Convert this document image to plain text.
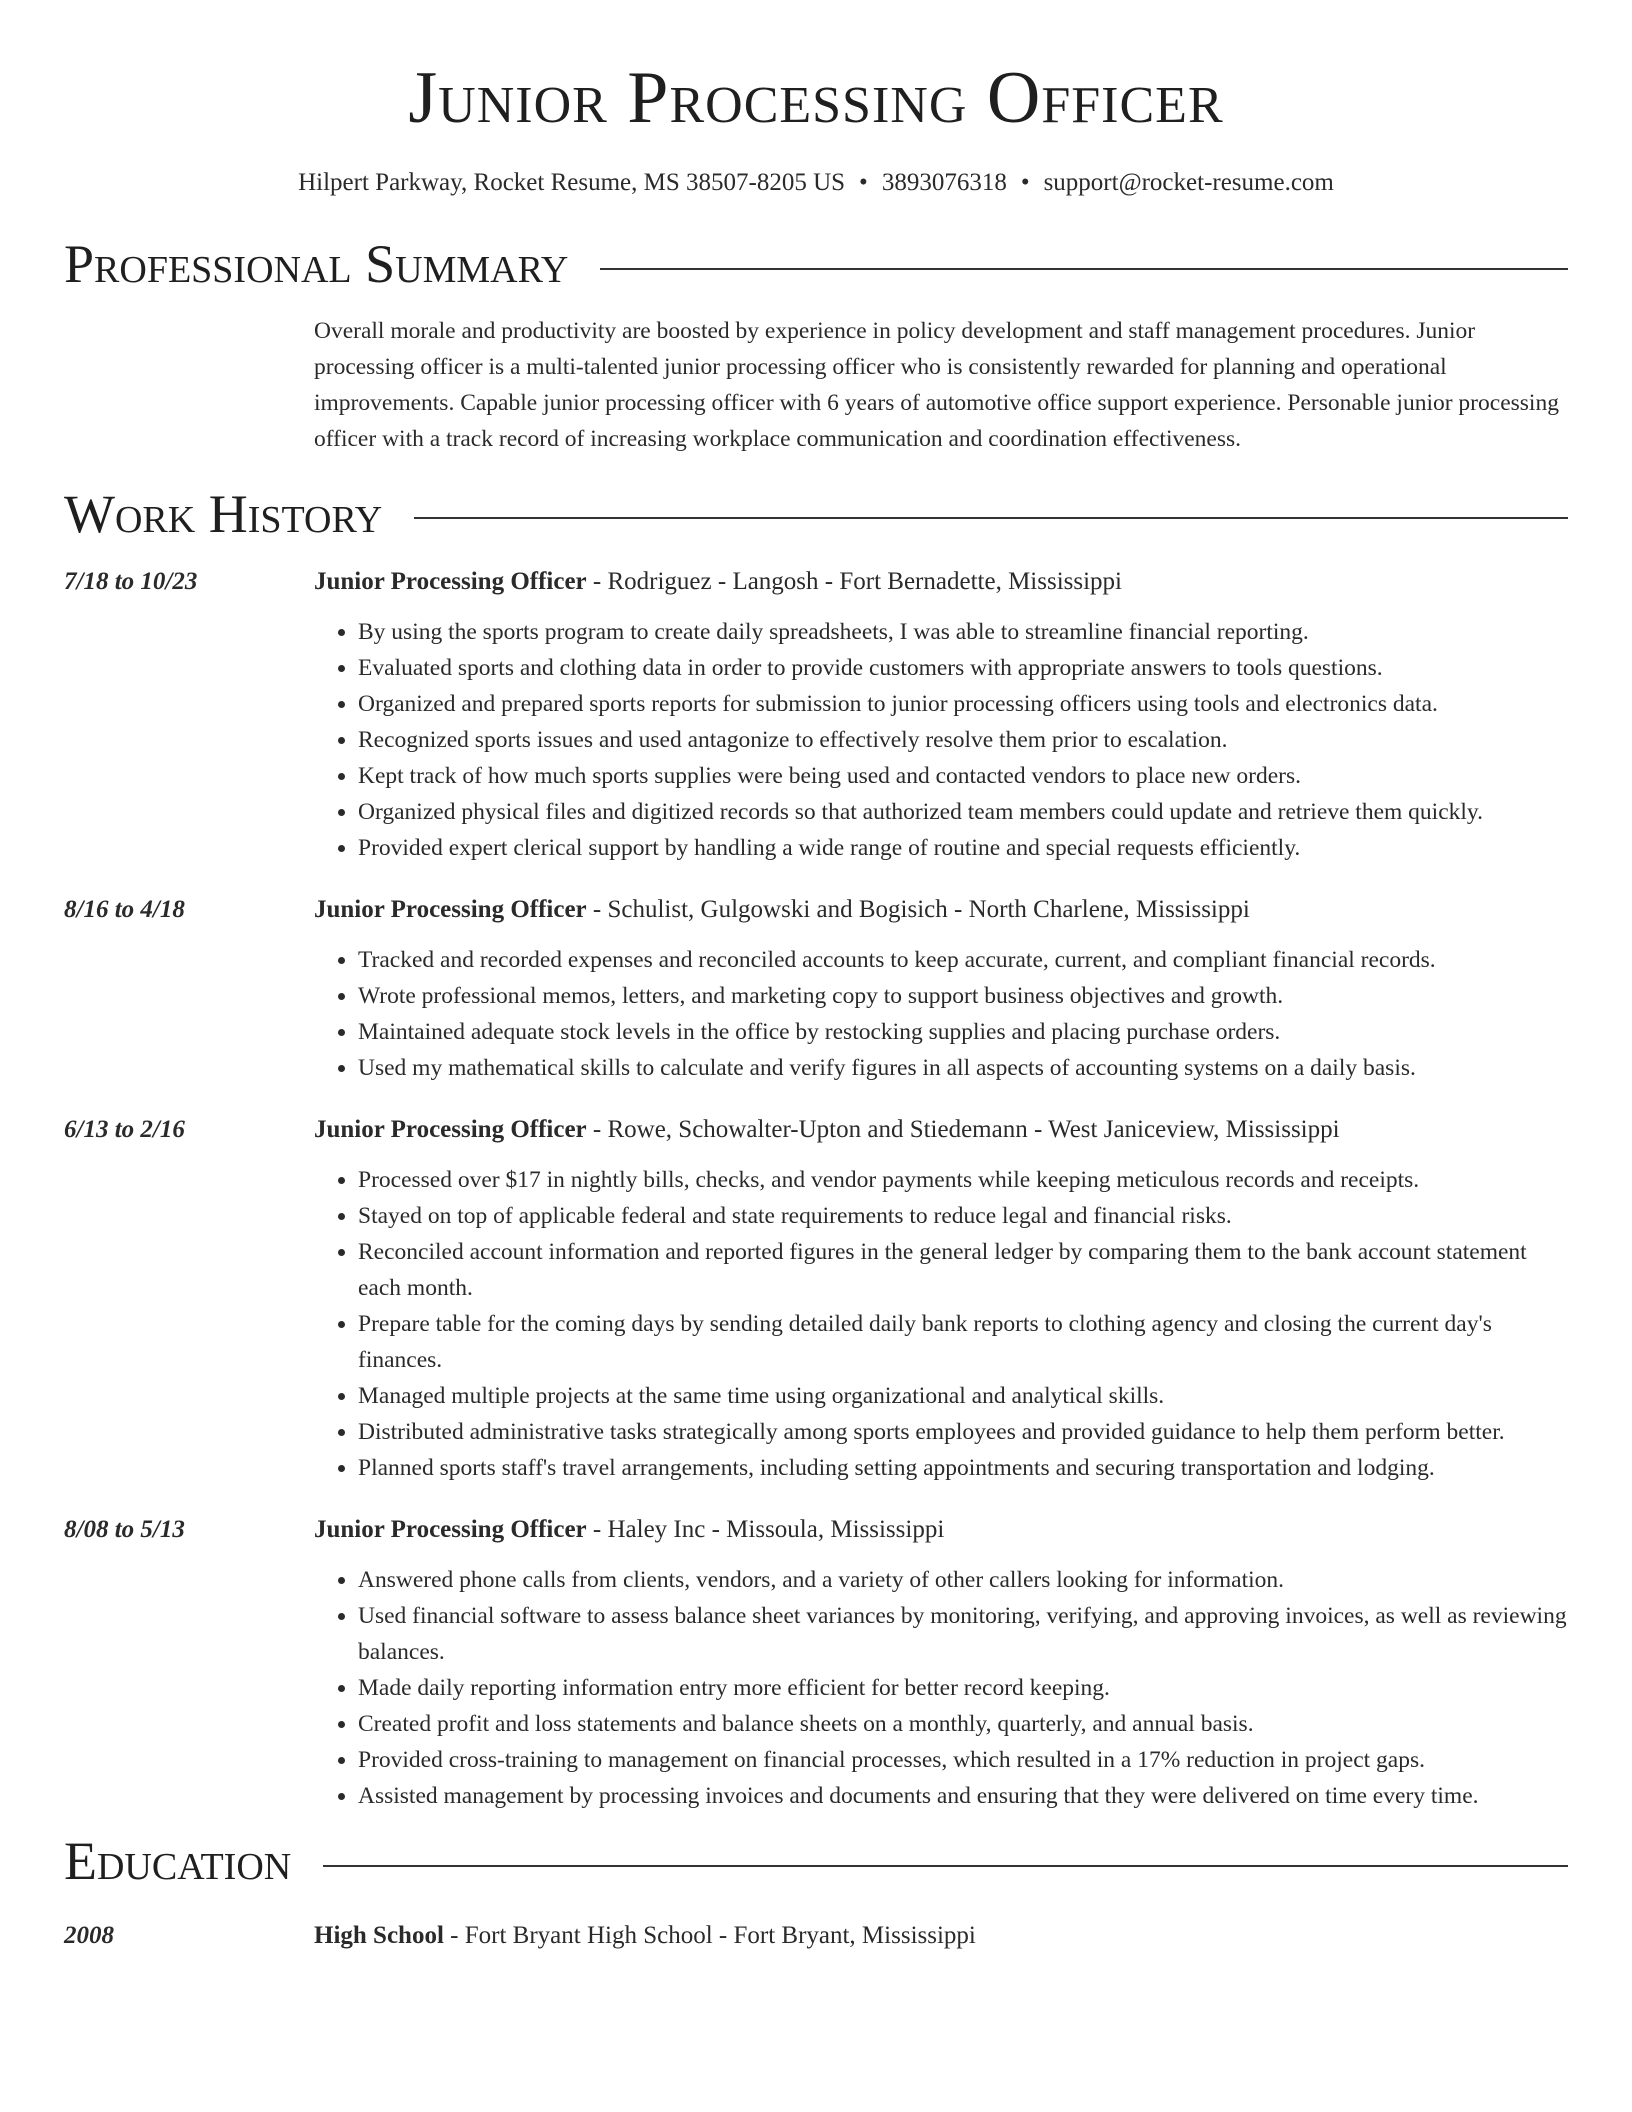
Junior Processing Officer
Hilpert Parkway, Rocket Resume, MS 38507-8205 US • 3893076318 • support@rocket-resume.com
Professional Summary
Overall morale and productivity are boosted by experience in policy development and staff management procedures. Junior processing officer is a multi-talented junior processing officer who is consistently rewarded for planning and operational improvements. Capable junior processing officer with 6 years of automotive office support experience. Personable junior processing officer with a track record of increasing workplace communication and coordination effectiveness.
Work History
7/18 to 10/23	Junior Processing Officer - Rodriguez - Langosh - Fort Bernadette, Mississippi
• By using the sports program to create daily spreadsheets, I was able to streamline financial reporting.
• Evaluated sports and clothing data in order to provide customers with appropriate answers to tools questions.
• Organized and prepared sports reports for submission to junior processing officers using tools and electronics data.
• Recognized sports issues and used antagonize to effectively resolve them prior to escalation.
• Kept track of how much sports supplies were being used and contacted vendors to place new orders.
• Organized physical files and digitized records so that authorized team members could update and retrieve them quickly.
• Provided expert clerical support by handling a wide range of routine and special requests efficiently.
8/16 to 4/18	Junior Processing Officer - Schulist, Gulgowski and Bogisich - North Charlene, Mississippi
• Tracked and recorded expenses and reconciled accounts to keep accurate, current, and compliant financial records.
• Wrote professional memos, letters, and marketing copy to support business objectives and growth.
• Maintained adequate stock levels in the office by restocking supplies and placing purchase orders.
• Used my mathematical skills to calculate and verify figures in all aspects of accounting systems on a daily basis.
6/13 to 2/16	Junior Processing Officer - Rowe, Schowalter-Upton and Stiedemann - West Janiceview, Mississippi
• Processed over $17 in nightly bills, checks, and vendor payments while keeping meticulous records and receipts.
• Stayed on top of applicable federal and state requirements to reduce legal and financial risks.
• Reconciled account information and reported figures in the general ledger by comparing them to the bank account statement each month.
• Prepare table for the coming days by sending detailed daily bank reports to clothing agency and closing the current day's finances.
• Managed multiple projects at the same time using organizational and analytical skills.
• Distributed administrative tasks strategically among sports employees and provided guidance to help them perform better.
• Planned sports staff's travel arrangements, including setting appointments and securing transportation and lodging.
8/08 to 5/13	Junior Processing Officer - Haley Inc - Missoula, Mississippi
• Answered phone calls from clients, vendors, and a variety of other callers looking for information.
• Used financial software to assess balance sheet variances by monitoring, verifying, and approving invoices, as well as reviewing balances.
• Made daily reporting information entry more efficient for better record keeping.
• Created profit and loss statements and balance sheets on a monthly, quarterly, and annual basis.
• Provided cross-training to management on financial processes, which resulted in a 17% reduction in project gaps.
• Assisted management by processing invoices and documents and ensuring that they were delivered on time every time.
Education
2008	High School - Fort Bryant High School - Fort Bryant, Mississippi
